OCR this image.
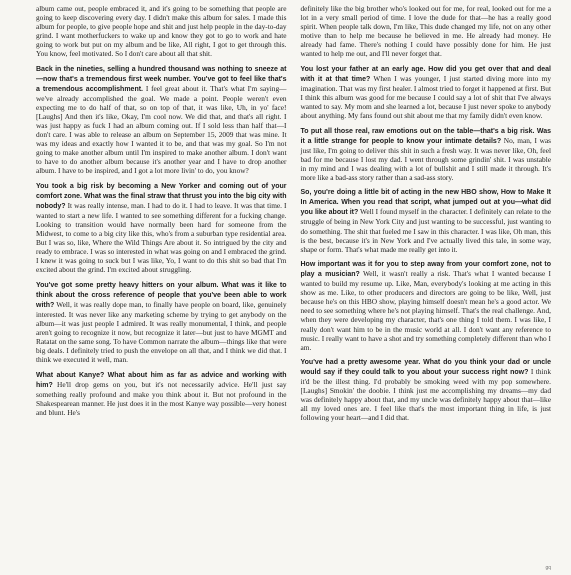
album came out, people embraced it, and it's going to be something that people are going to keep discovering every day. I didn't make this album for sales. I made this album for people, to give people hope and shit and just help people in the day-to-day grind. I want motherfuckers to wake up and know they got to go to work and hate going to work but put on my album and be like, All right, I got to get through this. You know, feel motivated. So I don't care about all that shit.

Back in the nineties, selling a hundred thousand was nothing to sneeze at—now that's a tremendous first week number. You've got to feel like that's a tremendous accomplishment. I feel great about it. That's what I'm saying—we've already accomplished the goal. We made a point. People weren't even expecting me to do half of that, so on top of that, it was like, Uh, in yo' face! [Laughs] And then it's like, Okay, I'm cool now. We did that, and that's all right. I was just happy as fuck I had an album coming out. If I sold less than half that—I don't care. I was able to release an album on September 15, 2009 that was mine. It was my ideas and exactly how I wanted it to be, and that was my goal. So I'm not going to make another album until I'm inspired to make another album. I don't want to have to do another album because it's another year and I have to drop another album. I have to be inspired, and I got a lot more livin' to do, you know?

You took a big risk by becoming a New Yorker and coming out of your comfort zone. What was the final straw that thrust you into the big city with nobody? It was really intense, man. I had to do it. I had to leave. It was that time. I wanted to start a new life. I wanted to see something different for a fucking change. Looking to transition would have normally been hard for someone from the Midwest, to come to a big city like this, who's from a suburban type residential area. But I was so, like, Where the Wild Things Are about it. So intrigued by the city and ready to embrace. I was so interested in what was going on and I embraced the grind. I knew it was going to suck but I was like, Yo, I want to do this shit so bad that I'm excited about the grind. I'm excited about struggling.

You've got some pretty heavy hitters on your album. What was it like to think about the cross reference of people that you've been able to work with? Well, it was really dope man, to finally have people on board, like, genuinely interested. It was never like any marketing scheme by trying to get anybody on the album—it was just people I admired. It was really monumental, I think, and people aren't going to recognize it now, but recognize it later—but just to have MGMT and Ratatat on the same song. To have Common narrate the album—things like that were big deals. I definitely tried to push the envelope on all that, and I think we did that. I think we executed it well, man.

What about Kanye? What about him as far as advice and working with him? He'll drop gems on you, but it's not necessarily advice. He'll just say something really profound and make you think about it. But not profound in the Shakespearean manner. He just does it in the most Kanye way possible—very honest and blunt. He's

definitely like the big brother who's looked out for me, for real, looked out for me a lot in a very small period of time. I love the dude for that—he has a really good spirit. When people talk down, I'm like, This dude changed my life, not on any other motive than to help me because he believed in me. He already had money. He already had fame. There's nothing I could have possibly done for him. He just wanted to help me out, and I'll never forget that.

You lost your father at an early age. How did you get over that and deal with it at that time? When I was younger, I just started diving more into my imagination. That was my first healer. I almost tried to forget it happened at first. But I think this album was good for me because I could say a lot of shit that I've always wanted to say. My mom and she learned a lot, because I just never spoke to anybody about anything. My fans found out shit about me that my family didn't even know.

To put all those real, raw emotions out on the table—that's a big risk. Was it a little strange for people to know your intimate details? No, man, I was just like, I'm going to deliver this shit in such a fresh way. It was never like, Oh, feel bad for me because I lost my dad. I went through some grindin' shit. I was unstable in my mind and I was dealing with a lot of bullshit and I still made it through. It's more like a bad-ass story rather than a sad-ass story.

So, you're doing a little bit of acting in the new HBO show, How to Make It In America. When you read that script, what jumped out at you—what did you like about it? Well I found myself in the character. I definitely can relate to the struggle of being in New York City and just wanting to be successful, just wanting to do something. The shit that fueled me I saw in this character. I was like, Oh man, this is the best, because it's in New York and I've actually lived this tale, in some way, shape or form. That's what made me really get into it.

How important was it for you to step away from your comfort zone, not to play a musician? Well, it wasn't really a risk. That's what I wanted because I wanted to build my resume up. Like, Man, everybody's looking at me acting in this show as me. Like, to other producers and directors are going to be like, Well, just because he's on this HBO show, playing himself doesn't mean he's a good actor. We need to see something where he's not playing himself. That's the real challenge. And, when they were developing my character, that's one thing I told them. I was like, I really don't want him to be in the music world at all. I don't want any reference to music. I really want to have a shot and try something completely different than who I am.

You've had a pretty awesome year. What do you think your dad or uncle would say if they could talk to you about your success right now? I think it'd be the illest thing. I'd probably be smoking weed with my pop somewhere. [Laughs] Smokin' the doobie. I think just me accomplishing my dreams—my dad was definitely happy about that, and my uncle was definitely happy about that—like all my loved ones are. I feel like that's the most important thing in life, is just following your heart—and I did that.

gq
